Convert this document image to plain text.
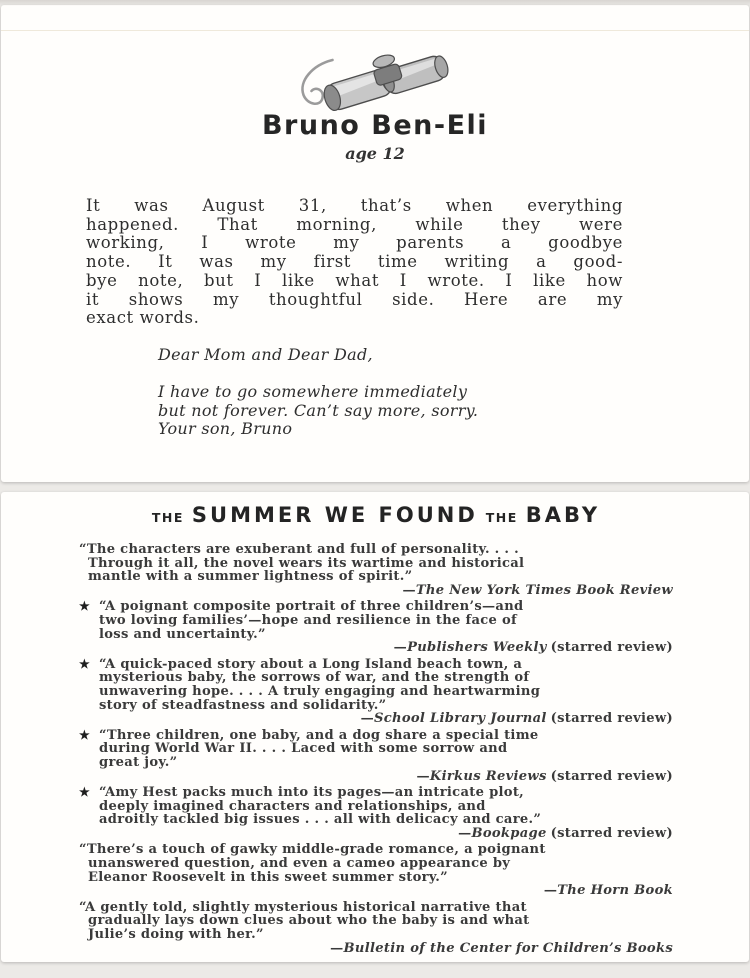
Bruno Ben-Eli
age 12
It was August 31, that’s when everything
happened. That morning, while they were
working, I wrote my parents a goodbye
note. It was my first time writing a good-
bye note, but I like what I wrote. I like how
it shows my thoughtful side. Here are my
exact words.
Dear Mom and Dear Dad,
I have to go somewhere immediately
but not forever. Can’t say more, sorry.
Your son, Bruno
THE SUMMER WE FOUND THE BABY
“The characters are exuberant and full of personality. . . .
Through it all, the novel wears its wartime and historical
mantle with a summer lightness of spirit.”
—The New York Times Book Review
★ “A poignant composite portrait of three children’s—and
two loving families’—hope and resilience in the face of
loss and uncertainty.”
—Publishers Weekly (starred review)
★ “A quick-paced story about a Long Island beach town, a
mysterious baby, the sorrows of war, and the strength of
unwavering hope. . . . A truly engaging and heartwarming
story of steadfastness and solidarity.”
—School Library Journal (starred review)
★ “Three children, one baby, and a dog share a special time
during World War II. . . . Laced with some sorrow and
great joy.”
—Kirkus Reviews (starred review)
★ “Amy Hest packs much into its pages—an intricate plot,
deeply imagined characters and relationships, and
adroitly tackled big issues . . . all with delicacy and care.”
—Bookpage (starred review)
“There’s a touch of gawky middle-grade romance, a poignant
unanswered question, and even a cameo appearance by
Eleanor Roosevelt in this sweet summer story.”
—The Horn Book
“A gently told, slightly mysterious historical narrative that
gradually lays down clues about who the baby is and what
Julie’s doing with her.”
—Bulletin of the Center for Children’s Books
